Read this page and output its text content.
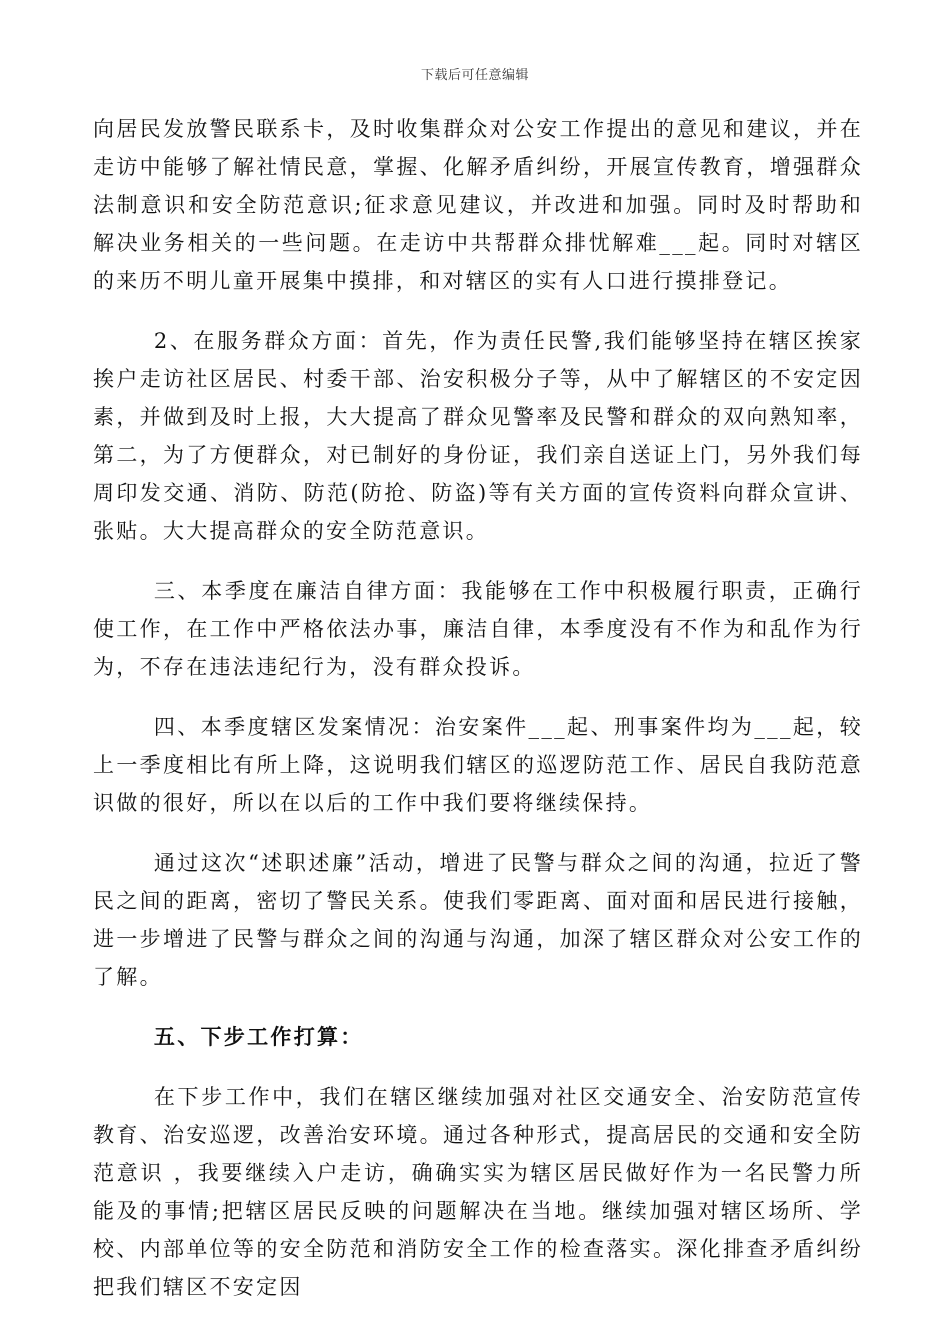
下载后可任意编辑

向居民发放警民联系卡，及时收集群众对公安工作提出的意见和建议，并在走访中能够了解社情民意，掌握、化解矛盾纠纷，开展宣传教育，增强群众法制意识和安全防范意识;征求意见建议，并改进和加强。同时及时帮助和解决业务相关的一些问题。在走访中共帮群众排忧解难___起。同时对辖区的来历不明儿童开展集中摸排，和对辖区的实有人口进行摸排登记。

2、在服务群众方面：首先，作为责任民警,我们能够坚持在辖区挨家挨户走访社区居民、村委干部、治安积极分子等，从中了解辖区的不安定因素，并做到及时上报，大大提高了群众见警率及民警和群众的双向熟知率，第二，为了方便群众，对已制好的身份证，我们亲自送证上门，另外我们每周印发交通、消防、防范(防抢、防盗)等有关方面的宣传资料向群众宣讲、张贴。大大提高群众的安全防范意识。

三、本季度在廉洁自律方面：我能够在工作中积极履行职责，正确行使工作，在工作中严格依法办事，廉洁自律，本季度没有不作为和乱作为行为，不存在违法违纪行为，没有群众投诉。

四、本季度辖区发案情况：治安案件___起、刑事案件均为___起，较上一季度相比有所上降，这说明我们辖区的巡逻防范工作、居民自我防范意识做的很好，所以在以后的工作中我们要将继续保持。

通过这次“述职述廉”活动，增进了民警与群众之间的沟通，拉近了警民之间的距离，密切了警民关系。使我们零距离、面对面和居民进行接触，进一步增进了民警与群众之间的沟通与沟通，加深了辖区群众对公安工作的了解。

五、下步工作打算：

在下步工作中，我们在辖区继续加强对社区交通安全、治安防范宣传教育、治安巡逻，改善治安环境。通过各种形式，提高居民的交通和安全防范意识 ，我要继续入户走访，确确实实为辖区居民做好作为一名民警力所能及的事情;把辖区居民反映的问题解决在当地。继续加强对辖区场所、学校、内部单位等的安全防范和消防安全工作的检查落实。深化排查矛盾纠纷把我们辖区不安定因
